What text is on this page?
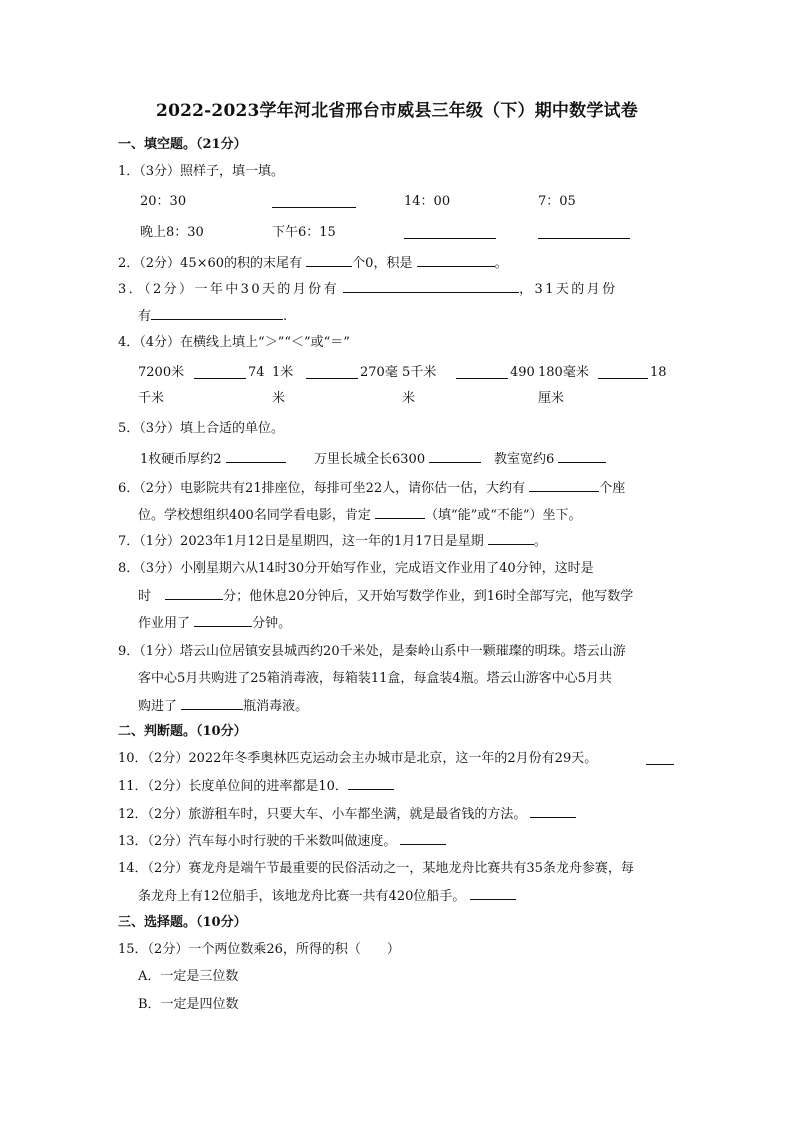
2022-2023学年河北省邢台市威县三年级（下）期中数学试卷
一、填空题。（21分）
1．（3分）照样子，填一填。
20：30	14：00	7：05
晚上8：30	下午6：15
2．（2分）45×60的积的末尾有	个0，积是	。
3．（2分）一年中30天的月份有	，31天的月份
有	.
4．（4分）在横线上填上“＞”“＜”或“＝”
7200米	74 1米	270毫 5千米	490 180毫米	18
千米	米	米	厘米
5．（3分）填上合适的单位。
1枚硬币厚约2	万里长城全长6300	教室宽约6
6．（2分）电影院共有21排座位，每排可坐22人，请你估一估，大约有	个座
位。学校想组织400名同学看电影，肯定	（填“能”或“不能”）坐下。
7．（1分）2023年1月12日是星期四，这一年的1月17日是星期	。
8．（3分）小刚星期六从14时30分开始写作业，完成语文作业用了40分钟，这时是
时	分；他休息20分钟后，又开始写数学作业，到16时全部写完，他写数学
作业用了	分钟。
9．（1分）塔云山位居镇安县城西约20千米处，是秦岭山系中一颗璀璨的明珠。塔云山游
客中心5月共购进了25箱消毒液，每箱装11盒，每盒装4瓶。塔云山游客中心5月共
购进了	瓶消毒液。
二、判断题。（10分）
10．（2分）2022年冬季奥林匹克运动会主办城市是北京，这一年的2月份有29天。
11．（2分）长度单位间的进率都是10．
12．（2分）旅游租车时，只要大车、小车都坐满，就是最省钱的方法。
13．（2分）汽车每小时行驶的千米数叫做速度。
14．（2分）赛龙舟是端午节最重要的民俗活动之一，某地龙舟比赛共有35条龙舟参赛，每
条龙舟上有12位船手，该地龙舟比赛一共有420位船手。
三、选择题。（10分）
15．（2分）一个两位数乘26，所得的积（　　）
A．一定是三位数
B．一定是四位数
